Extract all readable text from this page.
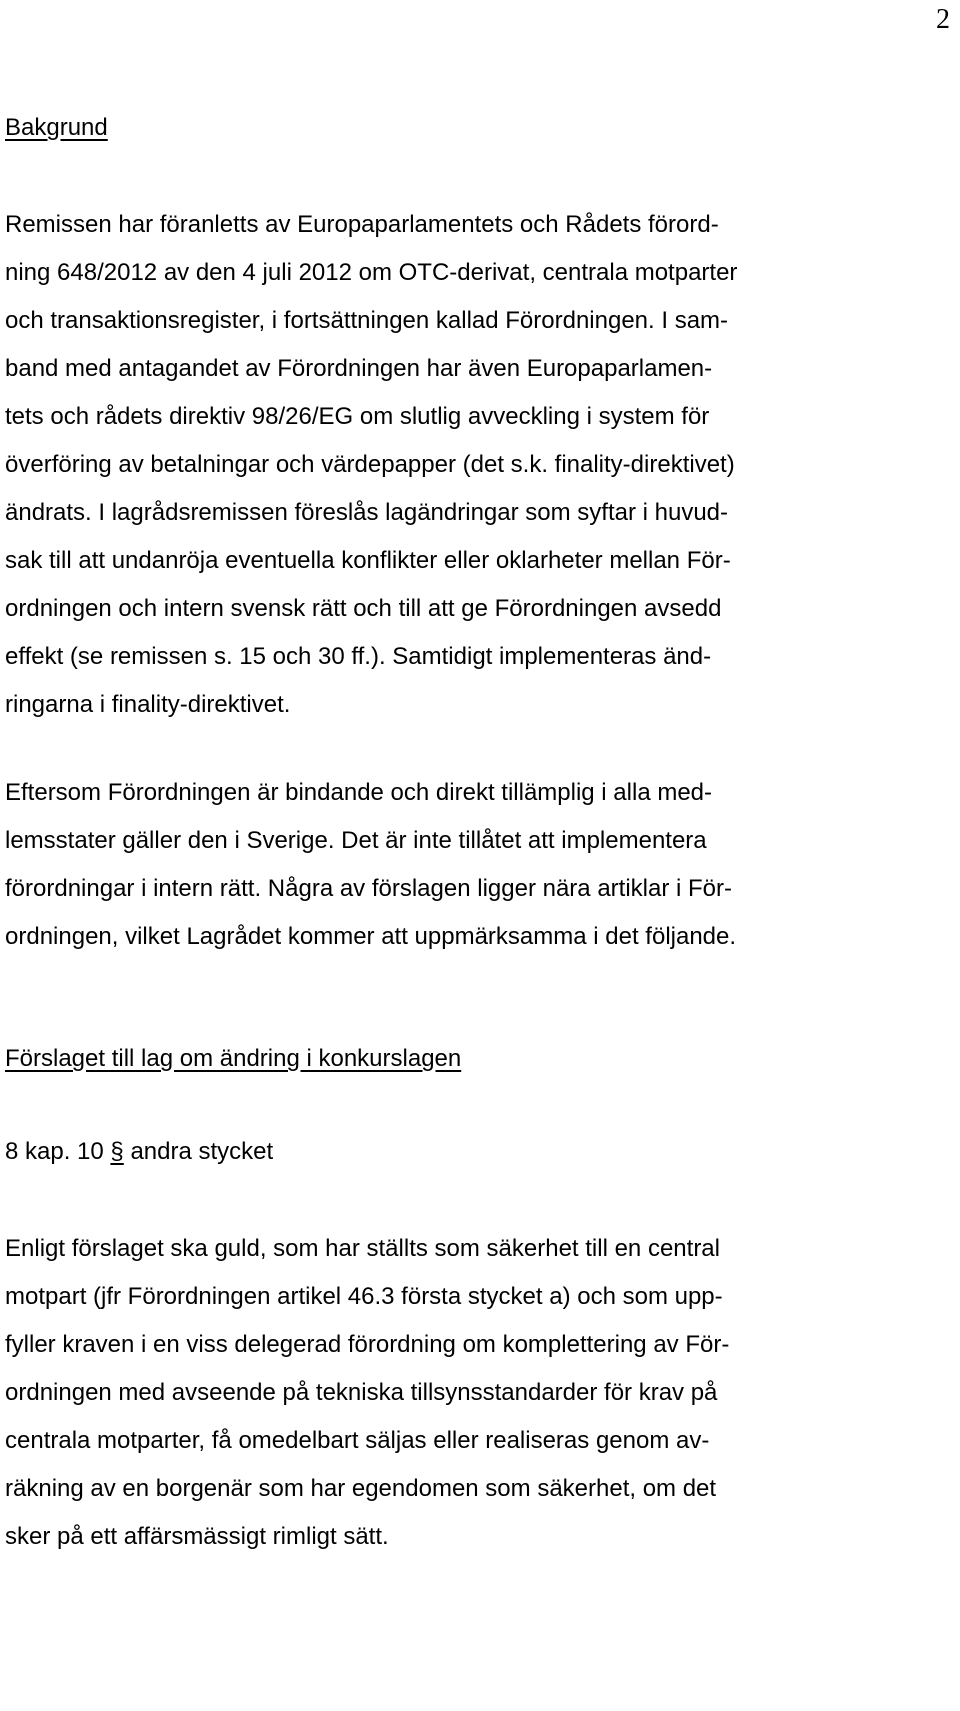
2
Bakgrund
Remissen har föranletts av Europaparlamentets och Rådets förord-
ning 648/2012 av den 4 juli 2012 om OTC-derivat, centrala motparter
och transaktionsregister, i fortsättningen kallad Förordningen. I sam-
band med antagandet av Förordningen har även Europaparlamen-
tets och rådets direktiv 98/26/EG om slutlig avveckling i system för
överföring av betalningar och värdepapper (det s.k. finality-direktivet)
ändrats. I lagrådsremissen föreslås lagändringar som syftar i huvud-
sak till att undanröja eventuella konflikter eller oklarheter mellan För-
ordningen och intern svensk rätt och till att ge Förordningen avsedd
effekt (se remissen s. 15 och 30 ff.). Samtidigt implementeras änd-
ringarna i finality-direktivet.
Eftersom Förordningen är bindande och direkt tillämplig i alla med-
lemsstater gäller den i Sverige. Det är inte tillåtet att implementera
förordningar i intern rätt. Några av förslagen ligger nära artiklar i För-
ordningen, vilket Lagrådet kommer att uppmärksamma i det följande.
Förslaget till lag om ändring i konkurslagen
8 kap. 10 § andra stycket
Enligt förslaget ska guld, som har ställts som säkerhet till en central
motpart (jfr Förordningen artikel 46.3 första stycket a) och som upp-
fyller kraven i en viss delegerad förordning om komplettering av För-
ordningen med avseende på tekniska tillsynsstandarder för krav på
centrala motparter, få omedelbart säljas eller realiseras genom av-
räkning av en borgenär som har egendomen som säkerhet, om det
sker på ett affärsmässigt rimligt sätt.
